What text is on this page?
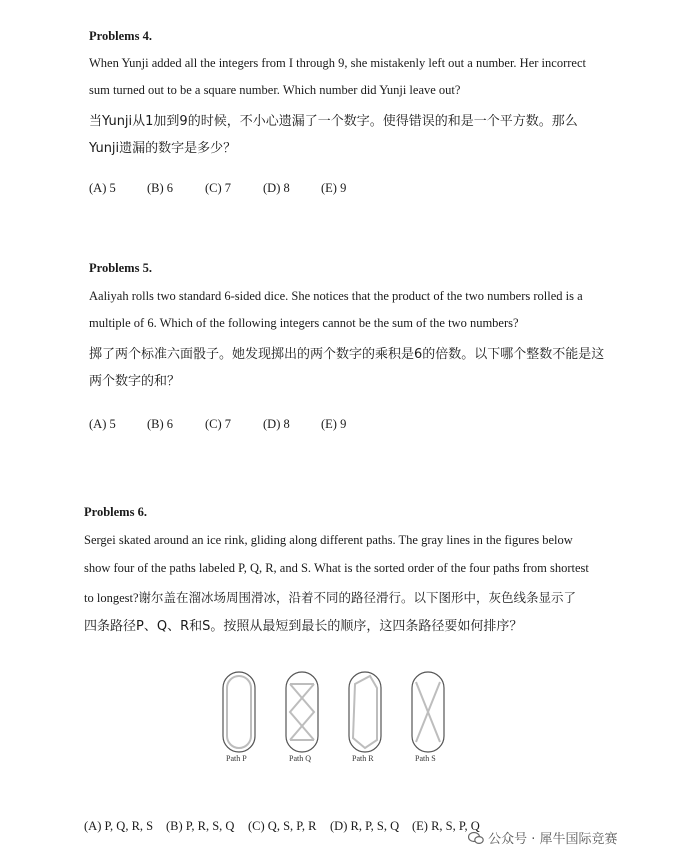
Problems 4.
When Yunji added all the integers from I through 9, she mistakenly left out a number. Her incorrect
sum turned out to be a square number. Which number did Yunji leave out?
当Yunji从1加到9的时候，不小心遗漏了一个数字。使得错误的和是一个平方数。那么
Yunji遗漏的数字是多少？
(A) 5	(B) 6	(C) 7	(D) 8	(E) 9
Problems 5.
Aaliyah rolls two standard 6-sided dice. She notices that the product of the two numbers rolled is a
multiple of 6. Which of the following integers cannot be the sum of the two numbers?
掷了两个标准六面骰子。她发现掷出的两个数字的乘积是6的倍数。以下哪个整数不能是这
两个数字的和？
(A) 5	(B) 6	(C) 7	(D) 8	(E) 9
Problems 6.
Sergei skated around an ice rink, gliding along different paths. The gray lines in the figures below
show four of the paths labeled P, Q, R, and S. What is the sorted order of the four paths from shortest
to longest?谢尔盖在溜冰场周围滑冰，沿着不同的路径滑行。以下图形中，灰色线条显示了
四条路径P、Q、R和S。按照从最短到最长的顺序，这四条路径要如何排序？
Path P	Path Q	Path R	Path S
(A) P, Q, R, S (B) P, R, S, Q (C) Q, S, P, R (D) R, P, S, Q (E) R, S, P, Q
公众号 · 犀牛国际竞赛
